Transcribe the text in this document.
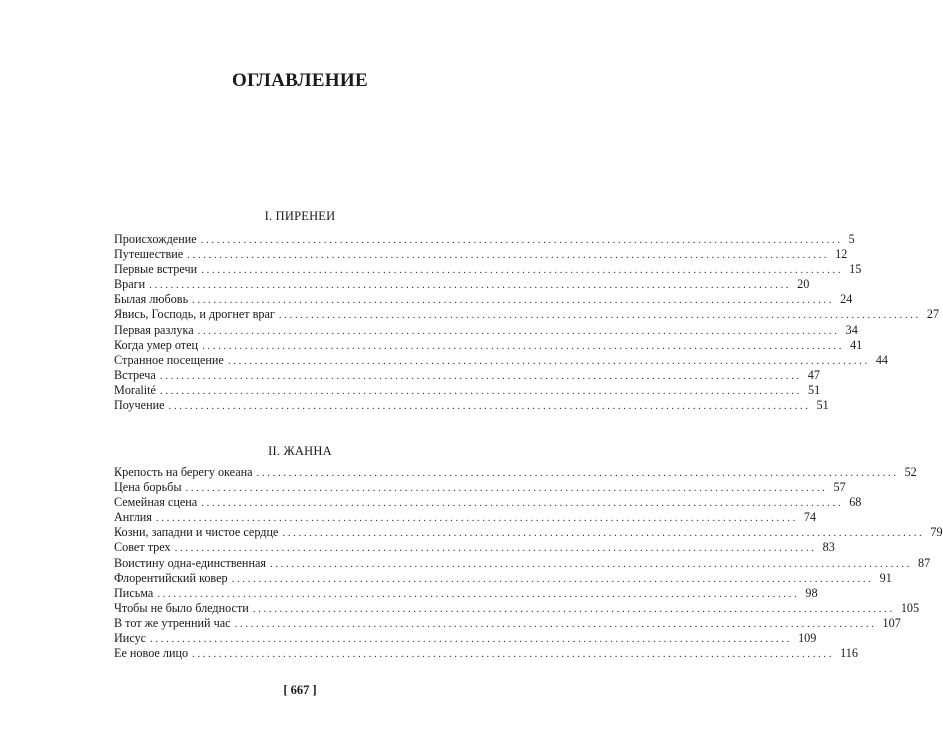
ОГЛАВЛЕНИЕ
I. ПИРЕНЕИ
Происхождение ........................................................................................................................ 5
Путешествие ........................................................................................................................ 12
Первые встречи ........................................................................................................................ 15
Враги ........................................................................................................................ 20
Былая любовь ........................................................................................................................ 24
Явись, Господь, и дрогнет враг ........................................................................................................................ 27
Первая разлука ........................................................................................................................ 34
Когда умер отец ........................................................................................................................ 41
Странное посещение ........................................................................................................................ 44
Встреча ........................................................................................................................ 47
Moralité ........................................................................................................................ 51
Поучение ........................................................................................................................ 51
II. ЖАННА
Крепость на берегу океана ........................................................................................................................ 52
Цена борьбы ........................................................................................................................ 57
Семейная сцена ........................................................................................................................ 68
Англия ........................................................................................................................ 74
Козни, западни и чистое сердце ........................................................................................................................ 79
Совет трех ........................................................................................................................ 83
Воистину одна-единственная ........................................................................................................................ 87
Флорентийский ковер ........................................................................................................................ 91
Письма ........................................................................................................................ 98
Чтобы не было бледности ........................................................................................................................ 105
В тот же утренний час ........................................................................................................................ 107
Иисус ........................................................................................................................ 109
Ее новое лицо ........................................................................................................................ 116
[ 667 ]
